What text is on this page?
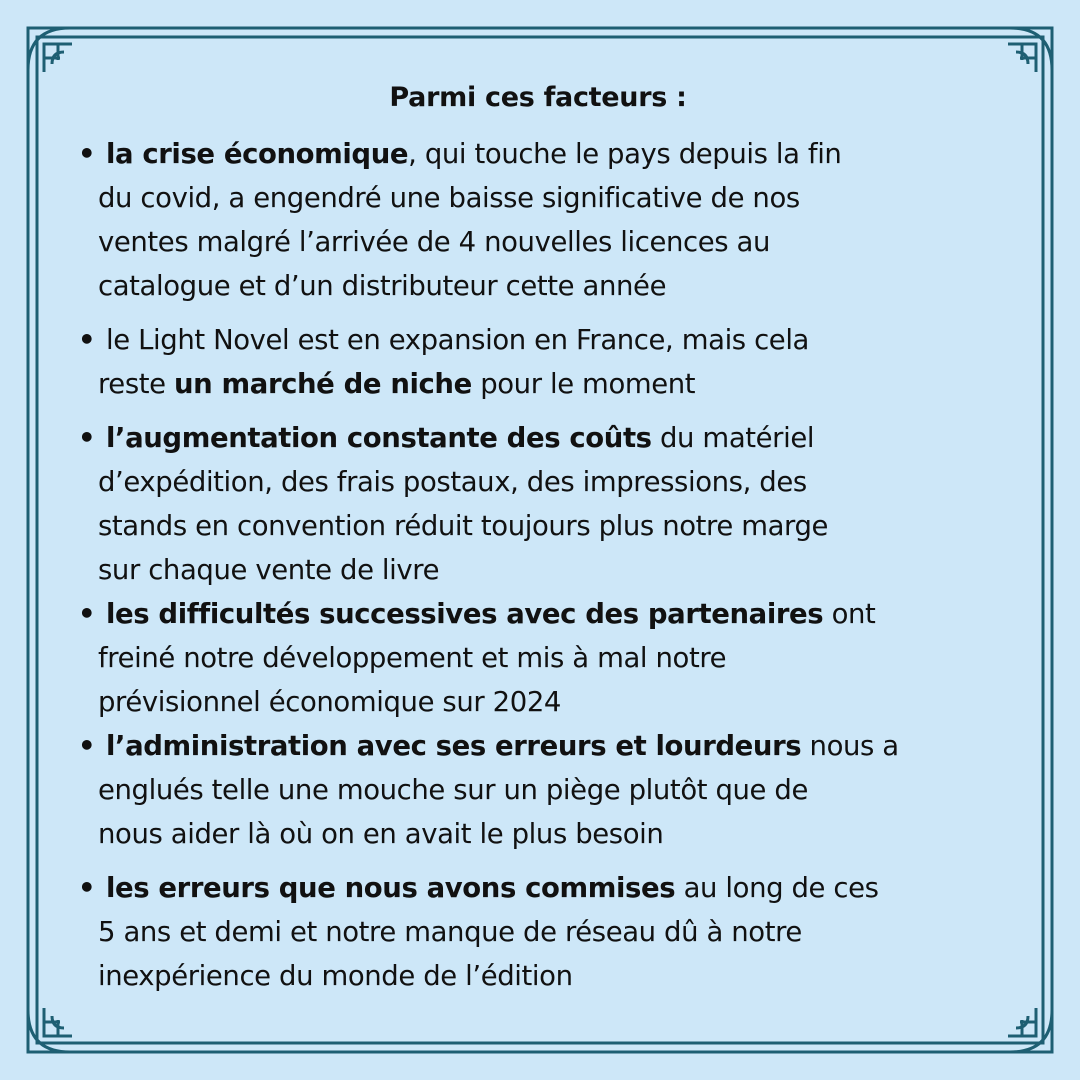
Parmi ces facteurs :
• la crise économique, qui touche le pays depuis la fin
du covid, a engendré une baisse significative de nos
ventes malgré l’arrivée de 4 nouvelles licences au
catalogue et d’un distributeur cette année
• le Light Novel est en expansion en France, mais cela
reste un marché de niche pour le moment
• l’augmentation constante des coûts du matériel
d’expédition, des frais postaux, des impressions, des
stands en convention réduit toujours plus notre marge
sur chaque vente de livre
• les difficultés successives avec des partenaires ont
freiné notre développement et mis à mal notre
prévisionnel économique sur 2024
• l’administration avec ses erreurs et lourdeurs nous a
englués telle une mouche sur un piège plutôt que de
nous aider là où on en avait le plus besoin
• les erreurs que nous avons commises au long de ces
5 ans et demi et notre manque de réseau dû à notre
inexpérience du monde de l’édition
